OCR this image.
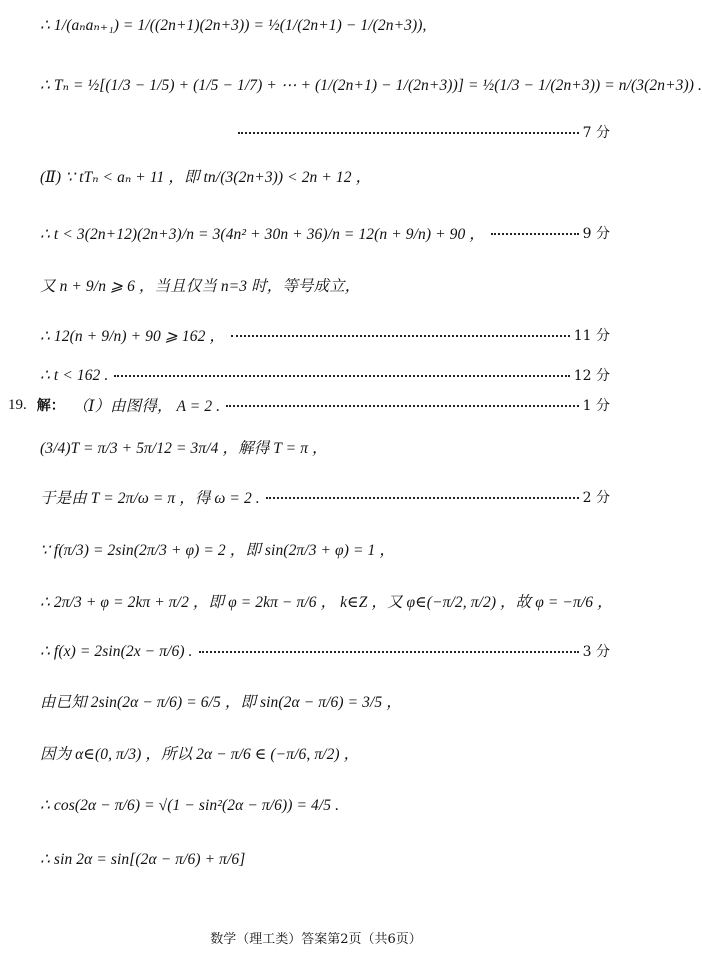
∴ 1/(aₙaₙ₊₁) = 1/((2n+1)(2n+3)) = ½(1/(2n+1) − 1/(2n+3)),
∴ Tₙ = ½[(1/3 − 1/5) + (1/5 − 1/7) + ⋯ + (1/(2n+1) − 1/(2n+3))] = ½(1/3 − 1/(2n+3)) = n/(3(2n+3)) .
7 分
(Ⅱ) ∵ tTₙ < aₙ + 11 ，即 tn/(3(2n+3)) < 2n + 12 ，
∴ t < 3(2n+12)(2n+3)/n = 3(4n² + 30n + 36)/n = 12(n + 9/n) + 90 ，	9 分
又 n + 9/n ⩾ 6 ，当且仅当 n=3 时，等号成立，
∴ 12(n + 9/n) + 90 ⩾ 162 ，	11 分
∴ t < 162 .	12 分
19. 解： （Ⅰ）由图得， A = 2 .	1 分
(3/4)T = π/3 + 5π/12 = 3π/4 ，解得 T = π ，
于是由 T = 2π/ω = π ，得 ω = 2 .	2 分
∵ f(π/3) = 2sin(2π/3 + φ) = 2 ，即 sin(2π/3 + φ) = 1 ，
∴ 2π/3 + φ = 2kπ + π/2 ，即 φ = 2kπ − π/6 ， k∈Z ，又 φ∈(−π/2, π/2) ，故 φ = −π/6 ，
∴ f(x) = 2sin(2x − π/6) .	3 分
由已知 2sin(2α − π/6) = 6/5 ，即 sin(2α − π/6) = 3/5 ，
因为 α∈(0, π/3) ，所以 2α − π/6 ∈ (−π/6, π/2) ，
∴ cos(2α − π/6) = √(1 − sin²(2α − π/6)) = 4/5 .
∴ sin 2α = sin[(2α − π/6) + π/6]
数学（理工类）答案第2页（共6页）
